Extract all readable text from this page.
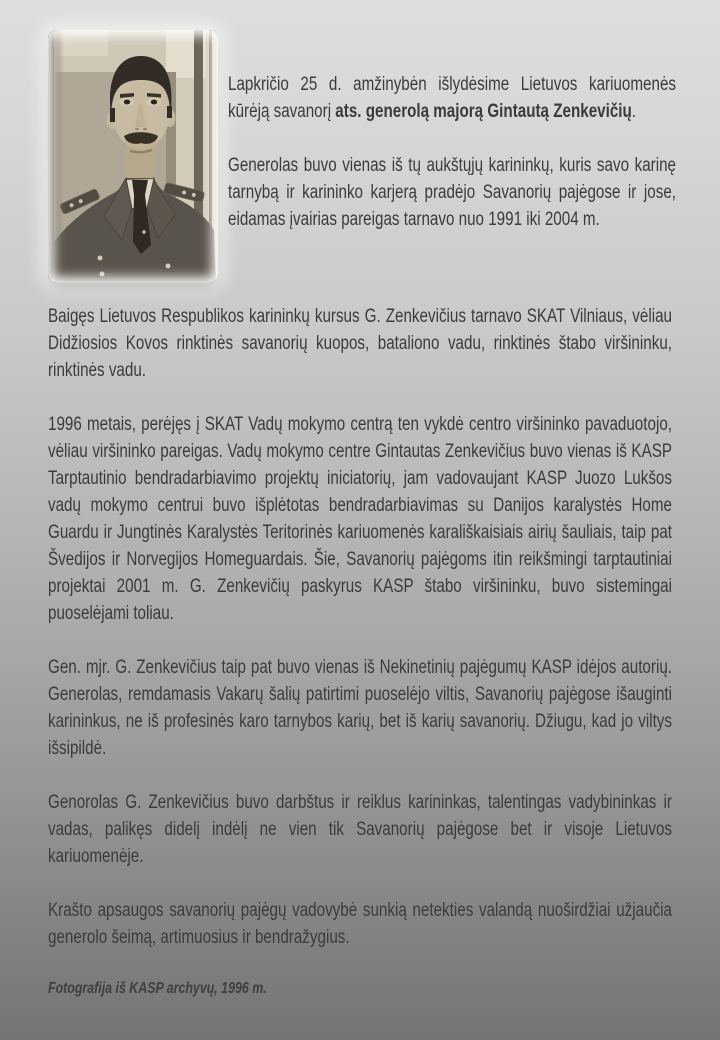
Lapkričio 25 d. amžinybėn išlydėsime Lietuvos kariuomenės kūrėją savanorį ats. generolą majorą Gintautą Zenkevičių.

Generolas buvo vienas iš tų aukštųjų karininkų, kuris savo karinę tarnybą ir karininko karjerą pradėjo Savanorių pajėgose ir jose, eidamas įvairias pareigas tarnavo nuo 1991 iki 2004 m.

Baigęs Lietuvos Respublikos karininkų kursus G. Zenkevičius tarnavo SKAT Vilniaus, vėliau Didžiosios Kovos rinktinės savanorių kuopos, bataliono vadu, rinktinės štabo viršininku, rinktinės vadu.

1996 metais, perėjęs į SKAT Vadų mokymo centrą ten vykdė centro viršininko pavaduotojo, vėliau viršininko pareigas. Vadų mokymo centre Gintautas Zenkevičius buvo vienas iš KASP Tarptautinio bendradarbiavimo projektų iniciatorių, jam vadovaujant KASP Juozo Lukšos vadų mokymo centrui buvo išplėtotas bendradarbiavimas su Danijos karalystės Home Guardu ir Jungtinės Karalystės Teritorinės kariuomenės karališkaisiais airių šauliais, taip pat Švedijos ir Norvegijos Homeguardais. Šie, Savanorių pajėgoms itin reikšmingi tarptautiniai projektai 2001 m. G. Zenkevičių paskyrus KASP štabo viršininku, buvo sistemingai puoselėjami toliau.

Gen. mjr. G. Zenkevičius taip pat buvo vienas iš Nekinetinių pajėgumų KASP idėjos autorių. Generolas, remdamasis Vakarų šalių patirtimi puoselėjo viltis, Savanorių pajėgose išauginti karininkus, ne iš profesinės karo tarnybos karių, bet iš karių savanorių. Džiugu, kad jo viltys išsipildė.

Genorolas G. Zenkevičius buvo darbštus ir reiklus karininkas, talentingas vadybininkas ir vadas, palikęs didelį indėlį ne vien tik Savanorių pajėgose bet ir visoje Lietuvos kariuomenėje.

Krašto apsaugos savanorių pajėgų vadovybė sunkią netekties valandą nuoširdžiai užjaučia generolo šeimą, artimuosius ir bendražygius.

Fotografija iš KASP archyvų, 1996 m.
